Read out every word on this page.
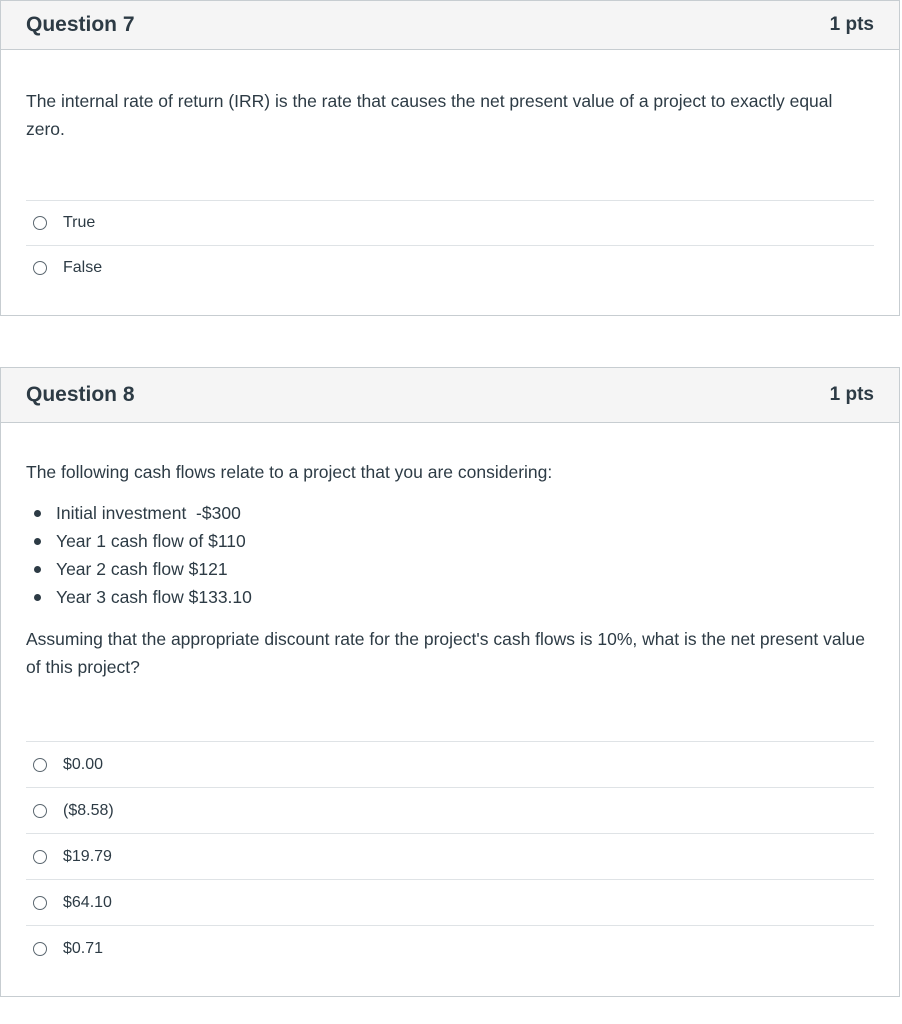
Question 7	1 pts

The internal rate of return (IRR) is the rate that causes the net present value of a project to exactly equal zero.

True
False
Question 8	1 pts

The following cash flows relate to a project that you are considering:

Initial investment  -$300
Year 1 cash flow of $110
Year 2 cash flow $121
Year 3 cash flow $133.10

Assuming that the appropriate discount rate for the project's cash flows is 10%, what is the net present value of this project?

$0.00
($8.58)
$19.79
$64.10
$0.71
